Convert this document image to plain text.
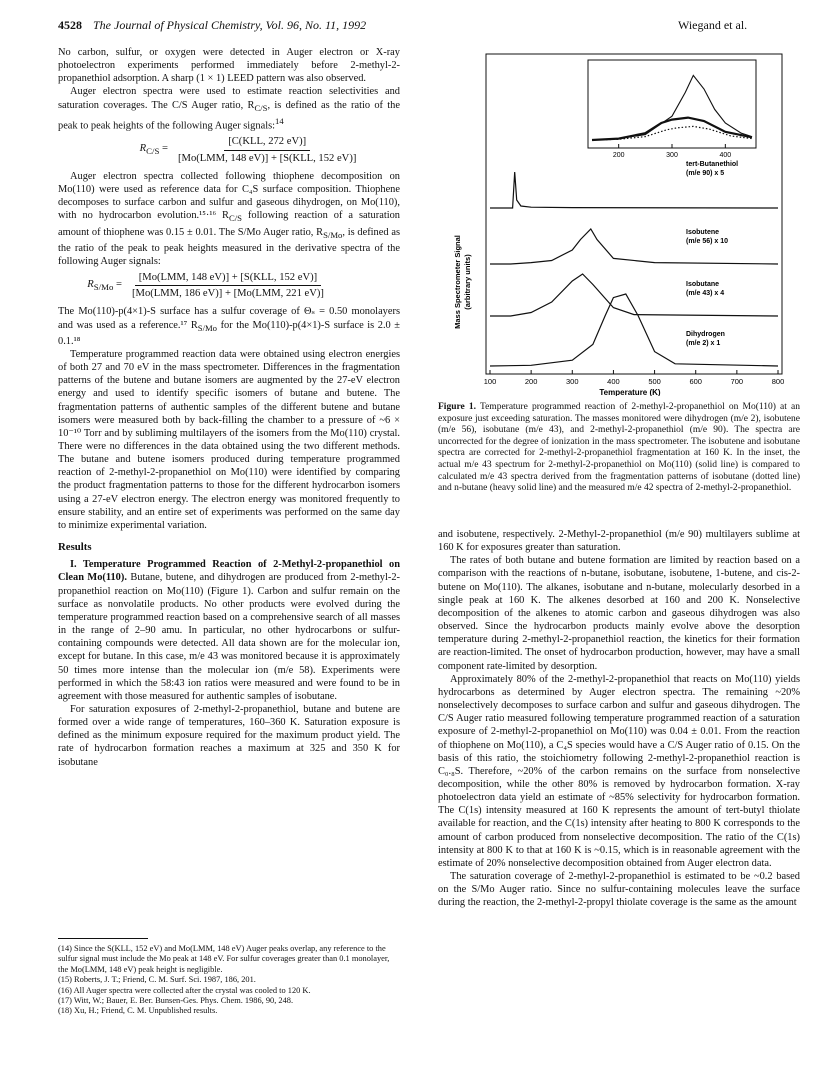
4528 The Journal of Physical Chemistry, Vol. 96, No. 11, 1992	Wiegand et al.

No carbon, sulfur, or oxygen were detected in Auger electron or X-ray photoelectron experiments performed immediately before 2-methyl-2-propanethiol adsorption. A sharp (1 × 1) LEED pattern was also observed.

Auger electron spectra were used to estimate reaction selectivities and saturation coverages. The C/S Auger ratio, $R_{C/S}$, is defined as the ratio of the peak to peak heights of the following Auger signals:$^{14}$

$R_{C/S} = \frac{\text{[C(KLL, 272 eV)]}}{\text{[Mo(LMM, 148 eV)] + [S(KLL, 152 eV)]}}$

Auger electron spectra collected following thiophene decomposition on Mo(110) were used as reference data for C₄S surface composition. Thiophene decomposes to surface carbon and sulfur and gaseous dihydrogen, on Mo(110), with no hydrocarbon evolution.¹⁵·¹⁶ $R_{C/S}$ following reaction of a saturation amount of thiophene was 0.15 ± 0.01. The S/Mo Auger ratio, $R_{S/Mo}$, is defined as the ratio of the peak to peak heights measured in the derivative spectra of the following Auger signals:

$R_{S/Mo} = \frac{\text{[Mo(LMM, 148 eV)] + [S(KLL, 152 eV)]}}{\text{[Mo(LMM, 186 eV)] + [Mo(LMM, 221 eV)]}}$

The Mo(110)-p(4×1)-S surface has a sulfur coverage of Θₛ = 0.50 monolayers and was used as a reference.¹⁷ $R_{S/Mo}$ for the Mo(110)-p(4×1)-S surface is 2.0 ± 0.1.¹⁸

Temperature programmed reaction data were obtained using electron energies of both 27 and 70 eV in the mass spectrometer. Differences in the fragmentation patterns of the butene and butane isomers are augmented by the 27-eV electron energy and used to identify specific isomers of butane and butene. The fragmentation patterns of authentic samples of the different butene and butane isomers were measured both by back-filling the chamber to a pressure of ~6 × 10⁻¹⁰ Torr and by subliming multilayers of the isomers from the Mo(110) crystal. There were no differences in the data obtained using the two different methods. The butane and butene isomers produced during temperature programmed reaction of 2-methyl-2-propanethiol on Mo(110) were identified by comparing the product fragmentation patterns to those for the different hydrocarbon isomers using a 27-eV electron energy. The electron energy was monitored frequently to ensure stability, and an entire set of experiments was performed on the same day to minimize experimental variation.

Results

I. Temperature Programmed Reaction of 2-Methyl-2-propanethiol on Clean Mo(110). Butane, butene, and dihydrogen are produced from 2-methyl-2-propanethiol reaction on Mo(110) (Figure 1). Carbon and sulfur remain on the surface as nonvolatile products. No other products were evolved during the temperature programmed reaction based on a comprehensive search of all masses in the range of 2–90 amu. In particular, no other hydrocarbons or sulfur-containing compounds were detected. All data shown are for the molecular ion, except for butane. In this case, m/e 43 was monitored because it is approximately 50 times more intense than the molecular ion (m/e 58). Experiments were performed in which the 58:43 ion ratios were measured and were found to be in agreement with those measured for authentic samples of isobutane.

For saturation exposures of 2-methyl-2-propanethiol, butane and butene are formed over a wide range of temperatures, 160–360 K. Saturation exposure is defined as the minimum exposure required for the maximum product yield. The rate of hydrocarbon formation reaches a maximum at 325 and 350 K for isobutane

(14) Since the S(KLL, 152 eV) and Mo(LMM, 148 eV) Auger peaks overlap, any reference to the sulfur signal must include the Mo peak at 148 eV. For sulfur coverages greater than 0.1 monolayer, the Mo(LMM, 148 eV) peak height is negligible.
(15) Roberts, J. T.; Friend, C. M. Surf. Sci. 1987, 186, 201.
(16) All Auger spectra were collected after the crystal was cooled to 120 K.
(17) Witt, W.; Bauer, E. Ber. Bunsen-Ges. Phys. Chem. 1986, 90, 248.
(18) Xu, H.; Friend, C. M. Unpublished results.
100	200	300	400	500	600	700	800
tert-Butanethiol
(m/e 90) x 5
Isobutene
(m/e 56) x 10
Isobutane
(m/e 43) x 4
Dihydrogen
(m/e 2) x 1
200	300	400
Mass Spectrometer Signal (arbitrary units)
Temperature (K)
Figure 1. Temperature programmed reaction of 2-methyl-2-propanethiol on Mo(110) at an exposure just exceeding saturation. The masses monitored were dihydrogen (m/e 2), isobutene (m/e 56), isobutane (m/e 43), and 2-methyl-2-propanethiol (m/e 90). The spectra are uncorrected for the degree of ionization in the mass spectrometer. The isobutene and isobutane spectra are corrected for 2-methyl-2-propanethiol fragmentation at 160 K. In the inset, the actual m/e 43 spectrum for 2-methyl-2-propanethiol on Mo(110) (solid line) is compared to calculated m/e 43 spectra derived from the fragmentation patterns of isobutane (dotted line) and n-butane (heavy solid line) and the measured m/e 42 spectra of 2-methyl-2-propanethiol.

and isobutene, respectively. 2-Methyl-2-propanethiol (m/e 90) multilayers sublime at 160 K for exposures greater than saturation.

The rates of both butane and butene formation are limited by reaction based on a comparison with the reactions of n-butane, isobutane, isobutene, 1-butene, and cis-2-butene on Mo(110). The alkanes, isobutane and n-butane, molecularly desorbed in a single peak at 160 K. The alkenes desorbed at 160 and 200 K. Nonselective decomposition of the alkenes to atomic carbon and gaseous dihydrogen was also observed. Since the hydrocarbon products mainly evolve above the desorption temperature during 2-methyl-2-propanethiol reaction, the kinetics for their formation are reaction-limited. The onset of hydrocarbon production, however, may have a small component rate-limited by desorption.

Approximately 80% of the 2-methyl-2-propanethiol that reacts on Mo(110) yields hydrocarbons as determined by Auger electron spectra. The remaining ~20% nonselectively decomposes to surface carbon and sulfur and gaseous dihydrogen. The C/S Auger ratio measured following temperature programmed reaction of a saturation exposure of 2-methyl-2-propanethiol on Mo(110) was 0.04 ± 0.01. From the reaction of thiophene on Mo(110), a C₄S species would have a C/S Auger ratio of 0.15. On the basis of this ratio, the stoichiometry following 2-methyl-2-propanethiol reaction is C₀.₈S. Therefore, ~20% of the carbon remains on the surface from nonselective decomposition, while the other 80% is removed by hydrocarbon formation. X-ray photoelectron data yield an estimate of ~85% selectivity for hydrocarbon formation. The C(1s) intensity measured at 160 K represents the amount of tert-butyl thiolate available for reaction, and the C(1s) intensity after heating to 800 K corresponds to the amount of carbon produced from nonselective decomposition. The ratio of the C(1s) intensity at 800 K to that at 160 K is ~0.15, which is in reasonable agreement with the estimate of 20% nonselective decomposition obtained from Auger electron data.

The saturation coverage of 2-methyl-2-propanethiol is estimated to be ~0.2 based on the S/Mo Auger ratio. Since no sulfur-containing molecules leave the surface during the reaction, the 2-methyl-2-propyl thiolate coverage is the same as the amount
